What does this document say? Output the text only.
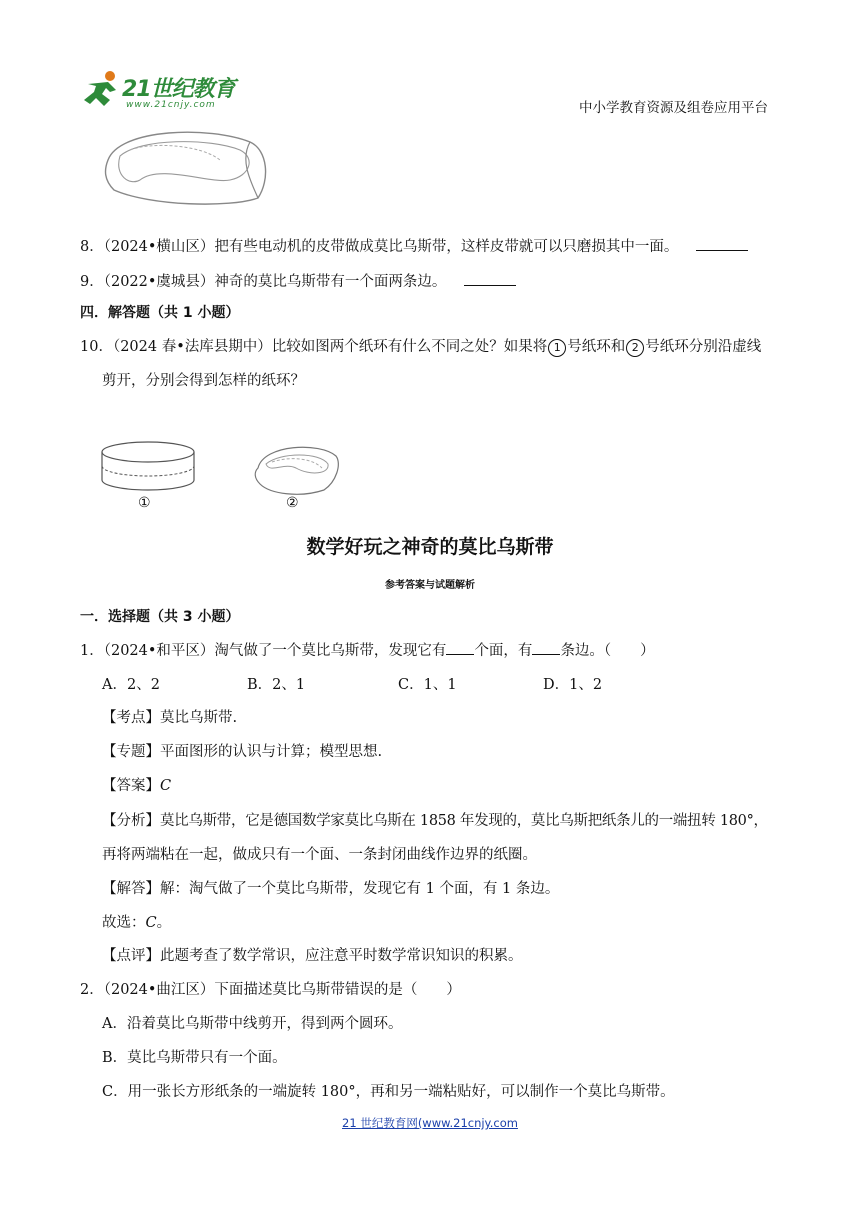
21世纪教育
www.21cnjy.com	中小学教育资源及组卷应用平台
8．（2024•横山区）把有些电动机的皮带做成莫比乌斯带，这样皮带就可以只磨损其中一面。
9．（2022•虞城县）神奇的莫比乌斯带有一个面两条边。
四．解答题（共 1 小题）
10．（2024 春•法库县期中）比较如图两个纸环有什么不同之处？如果将 1 号纸环和 2 号纸环分别沿虚线
剪开，分别会得到怎样的纸环？
①	②
数学好玩之神奇的莫比乌斯带
参考答案与试题解析
一．选择题（共 3 小题）
1．（2024•和平区）淘气做了一个莫比乌斯带，发现它有 个面，有 条边。（　　）
A．2、2	B．2、1	C．1、1	D．1、2
【考点】莫比乌斯带.
【专题】平面图形的认识与计算；模型思想.
【答案】C
【分析】莫比乌斯带，它是德国数学家莫比乌斯在 1858 年发现的，莫比乌斯把纸条儿的一端扭转 180°，
再将两端粘在一起，做成只有一个面、一条封闭曲线作边界的纸圈。
【解答】解：淘气做了一个莫比乌斯带，发现它有 1 个面，有 1 条边。
故选：C。
【点评】此题考查了数学常识，应注意平时数学常识知识的积累。
2．（2024•曲江区）下面描述莫比乌斯带错误的是（　　）
A．沿着莫比乌斯带中线剪开，得到两个圆环。
B．莫比乌斯带只有一个面。
C．用一张长方形纸条的一端旋转 180°，再和另一端粘贴好，可以制作一个莫比乌斯带。
21 世纪教育网(www.21cnjy.com
